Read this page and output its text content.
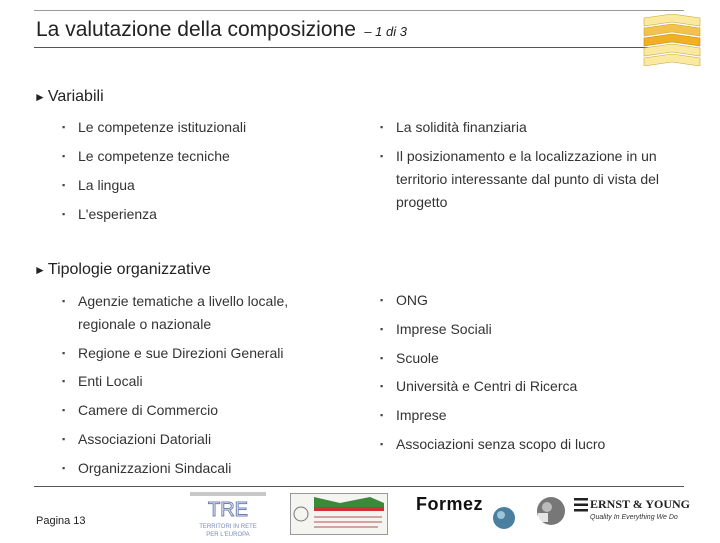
La valutazione della composizione – 1 di 3
► Variabili
▪ Le competenze istituzionali
▪ Le competenze tecniche
▪ La lingua
▪ L'esperienza
▪ La solidità finanziaria
▪ Il posizionamento e la localizzazione in un territorio interessante dal punto di vista del progetto
► Tipologie organizzative
▪ Agenzie tematiche a livello locale, regionale o nazionale
▪ Regione e sue Direzioni Generali
▪ Enti Locali
▪ Camere di Commercio
▪ Associazioni Datoriali
▪ Organizzazioni Sindacali
▪ ONG
▪ Imprese Sociali
▪ Scuole
▪ Università e Centri di Ricerca
▪ Imprese
▪ Associazioni senza scopo di lucro
Pagina 13	TRE
TERRITORI IN RETE
PER L'EUROPA
Formez	ERNST & YOUNG
Quality In Everything We Do
